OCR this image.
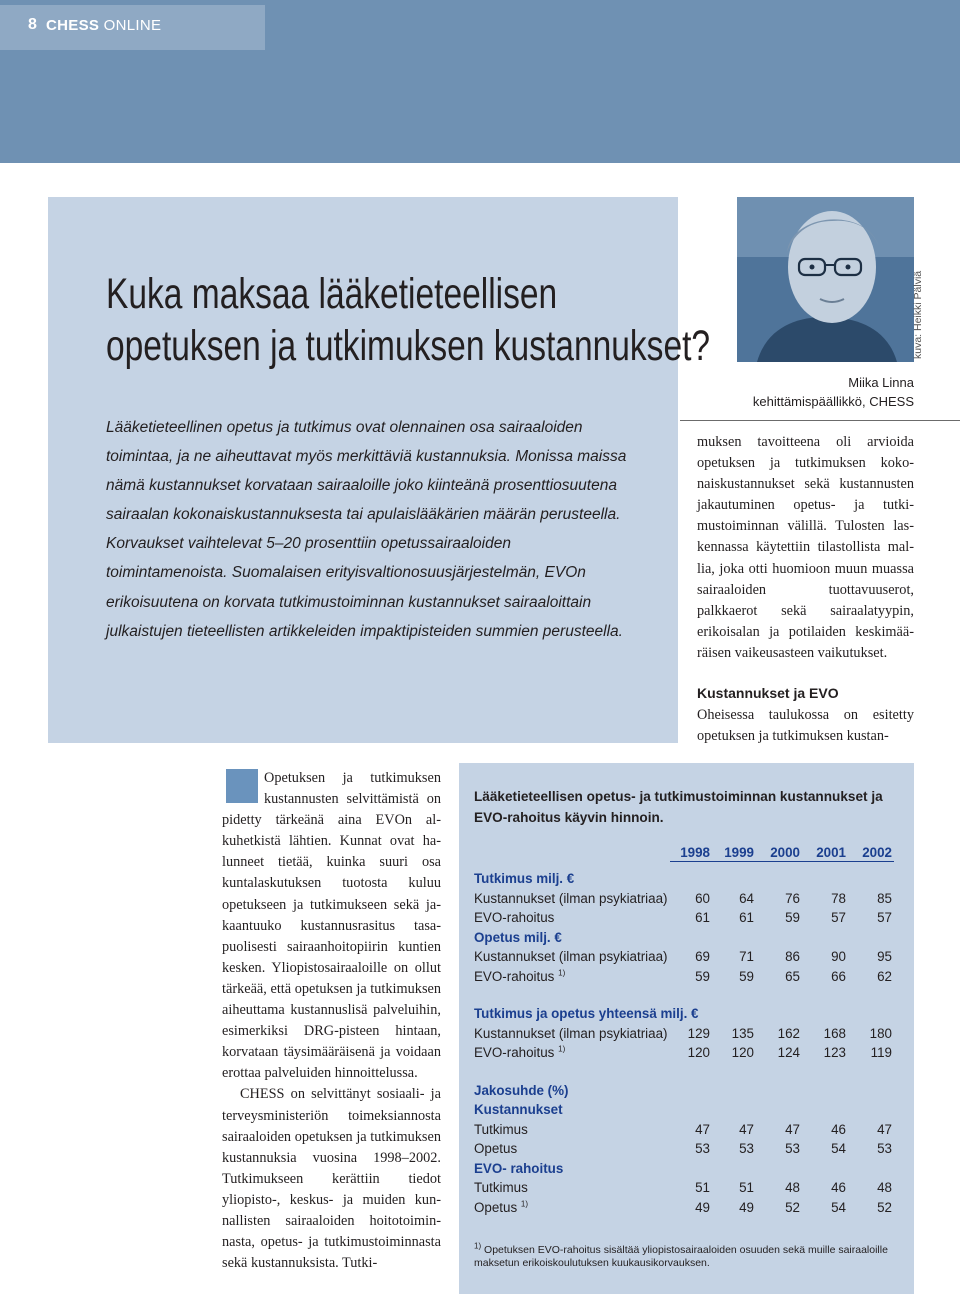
8 CHESS ONLINE
Kuka maksaa lääketieteellisen
opetuksen ja tutkimuksen kustannukset?
Lääketieteellinen opetus ja tutkimus ovat olennainen osa sairaaloiden toimintaa, ja ne aiheuttavat myös merkittäviä kustannuksia. Monissa maissa nämä kustannukset korvataan sairaaloille joko kiinteänä prosenttiosuutena sairaalan kokonaiskustannuksesta tai apulaislääkärien määrän perusteella. Korvaukset vaihtelevat 5–20 prosenttiin opetussairaaloiden toimintamenoista. Suomalaisen erityisvaltionosuusjärjestelmän, EVOn erikoisuutena on korvata tutkimustoiminnan kustannukset sairaaloittain julkaistujen tieteellisten artikkeleiden impaktipisteiden summien perusteella.
kuva: Heikki Pälviä
Miika Linna
kehittämispäällikkö, CHESS
muksen tavoitteena oli arvioida opetuksen ja tutkimuksen kokonaiskustannukset sekä kustannusten jakautuminen opetus- ja tutkimustoiminnan välillä. Tulosten laskennassa käytettiin tilastollista mallia, joka otti huomioon muun muassa sairaaloiden tuottavuuserot, palkkaerot sekä sairaalatyypin, erikoisalan ja potilaiden keskimääräisen vaikeusasteen vaikutukset.
Kustannukset ja EVO
Oheisessa taulukossa on esitetty opetuksen ja tutkimuksen kustan-

Opetuksen ja tutkimuksen kustannusten selvittämistä on pidetty tärkeänä aina EVOn alkuhetkistä lähtien. Kunnat ovat halunneet tietää, kuinka suuri osa kuntalaskutuksen tuotosta kuluu opetukseen ja tutkimukseen sekä jakaantuuko kustannusrasitus tasapuolisesti sairaanhoitopiirin kuntien kesken. Yliopistosairaaloille on ollut tärkeää, että opetuksen ja tutkimuksen aiheuttama kustannuslisä palveluihin, esimerkiksi DRG-pisteen hintaan, korvataan täysimääräisenä ja voidaan erottaa palveluiden hinnoittelussa.

CHESS on selvittänyt sosiaali- ja terveysministeriön toimeksiannosta sairaaloiden opetuksen ja tutkimuksen kustannuksia vuosina 1998–2002. Tutkimukseen kerättiin tiedot yliopisto-, keskus- ja muiden kunnallisten sairaaloiden hoitotoiminnasta, opetus- ja tutkimustoiminnasta sekä kustannuksista. Tutki-

Lääketieteellisen opetus- ja tutkimustoiminnan kustannukset ja EVO-rahoitus käyvin hinnoin.
1998	1999	2000	2001	2002
Tutkimus milj. €
Kustannukset (ilman psykiatriaa)	60	64	76	78	85
EVO-rahoitus	61	61	59	57	57
Opetus milj. €
Kustannukset (ilman psykiatriaa)	69	71	86	90	95
EVO-rahoitus $^{1)}$	59	59	65	66	62
Tutkimus ja opetus yhteensä milj. €
Kustannukset (ilman psykiatriaa)	129	135	162	168	180
EVO-rahoitus $^{1)}$	120	120	124	123	119
Jakosuhde (%)
Kustannukset
Tutkimus	47	47	47	46	47
Opetus	53	53	53	54	53
EVO- rahoitus
Tutkimus	51	51	48	46	48
Opetus $^{1)}$	49	49	52	54	52
$^{1)}$ Opetuksen EVO-rahoitus sisältää yliopistosairaaloiden osuuden sekä muille sairaaloille maksetun erikoiskoulutuksen kuukausikorvauksen.
